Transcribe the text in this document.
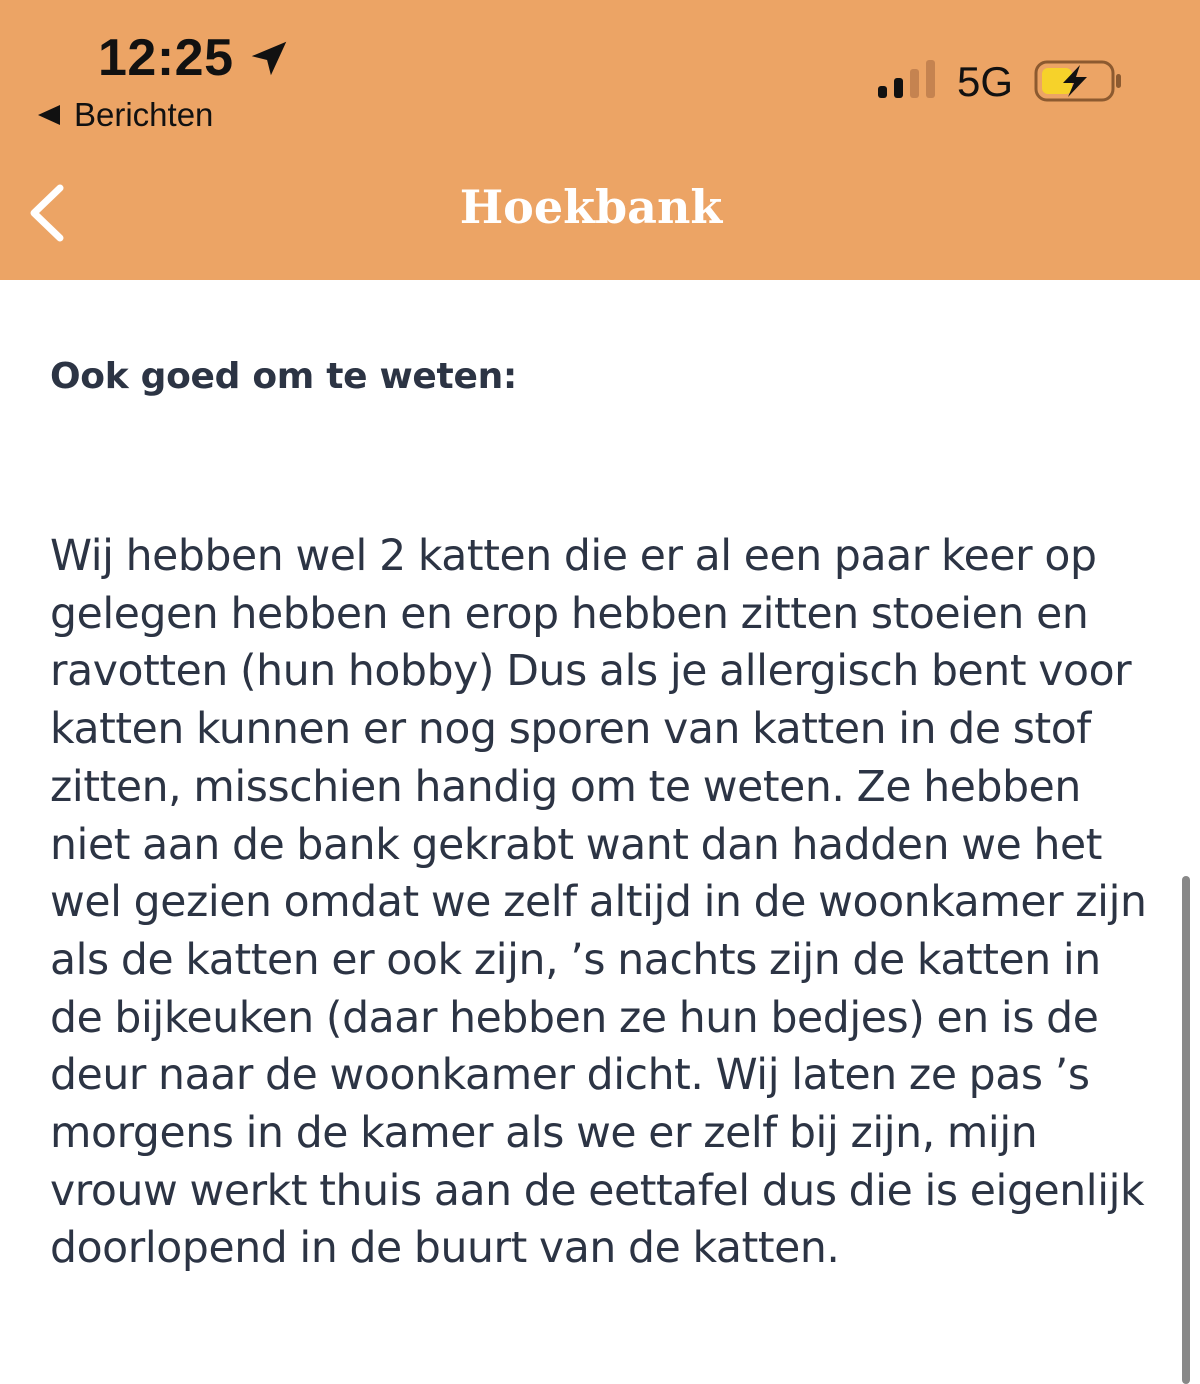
12:25
Berichten
5G
Hoekbank
Ook goed om te weten:
Wij hebben wel 2 katten die er al een paar keer op gelegen hebben en erop hebben zitten stoeien en ravotten (hun hobby) Dus als je allergisch bent voor katten kunnen er nog sporen van katten in de stof zitten, misschien handig om te weten. Ze hebben niet aan de bank gekrabt want dan hadden we het wel gezien omdat we zelf altijd in de woonkamer zijn als de katten er ook zijn, ’s nachts zijn de katten in de bijkeuken (daar hebben ze hun bedjes) en is de deur naar de woonkamer dicht. Wij laten ze pas ’s morgens in de kamer als we er zelf bij zijn, mijn vrouw werkt thuis aan de eettafel dus die is eigenlijk doorlopend in de buurt van de katten.
